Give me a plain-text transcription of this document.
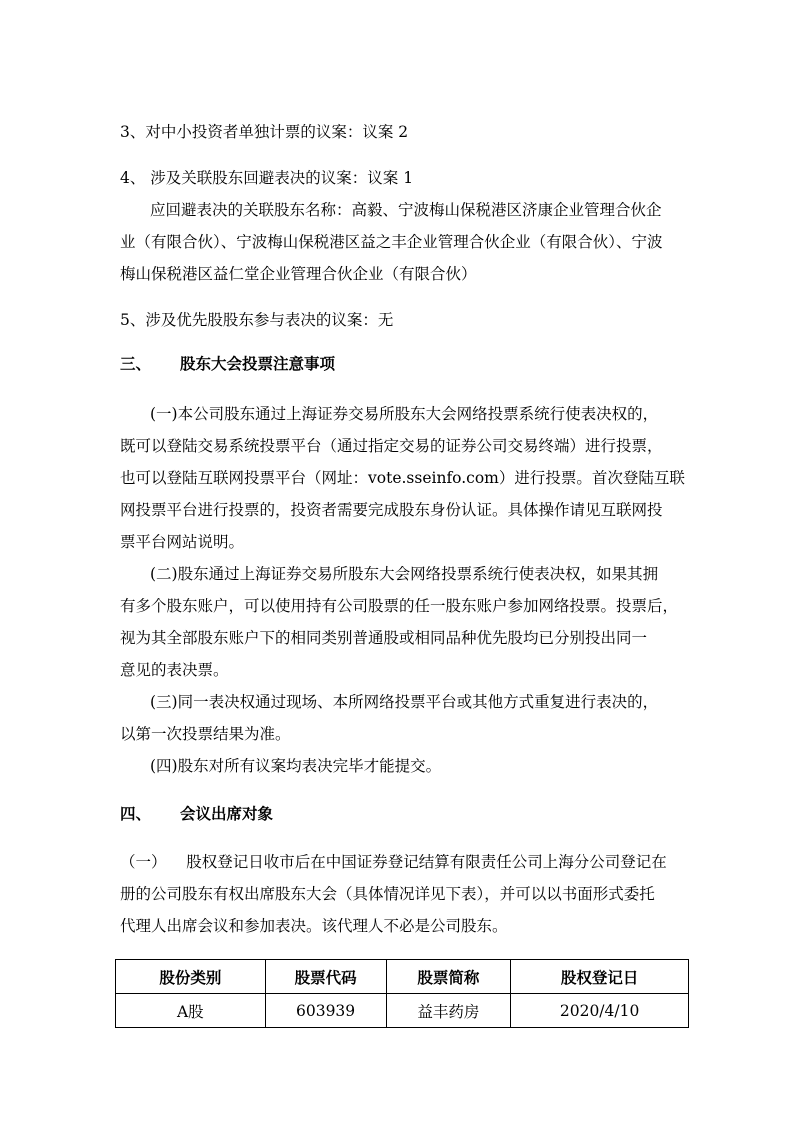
3、对中小投资者单独计票的议案：议案 2
4、 涉及关联股东回避表决的议案：议案 1
应回避表决的关联股东名称：高毅、宁波梅山保税港区济康企业管理合伙企
业（有限合伙）、宁波梅山保税港区益之丰企业管理合伙企业（有限合伙）、宁波
梅山保税港区益仁堂企业管理合伙企业（有限合伙）
5、涉及优先股股东参与表决的议案：无
三、 股东大会投票注意事项
(一)本公司股东通过上海证券交易所股东大会网络投票系统行使表决权的，
既可以登陆交易系统投票平台（通过指定交易的证券公司交易终端）进行投票，
也可以登陆互联网投票平台（网址：vote.sseinfo.com）进行投票。首次登陆互联
网投票平台进行投票的，投资者需要完成股东身份认证。具体操作请见互联网投
票平台网站说明。
(二)股东通过上海证券交易所股东大会网络投票系统行使表决权，如果其拥
有多个股东账户，可以使用持有公司股票的任一股东账户参加网络投票。投票后，
视为其全部股东账户下的相同类别普通股或相同品种优先股均已分别投出同一
意见的表决票。
(三)同一表决权通过现场、本所网络投票平台或其他方式重复进行表决的，
以第一次投票结果为准。
(四)股东对所有议案均表决完毕才能提交。
四、 会议出席对象
（一）    股权登记日收市后在中国证券登记结算有限责任公司上海分公司登记在
册的公司股东有权出席股东大会（具体情况详见下表），并可以以书面形式委托
代理人出席会议和参加表决。该代理人不必是公司股东。
股份类别	股票代码	股票简称	股权登记日
A股	603939	益丰药房	2020/4/10
